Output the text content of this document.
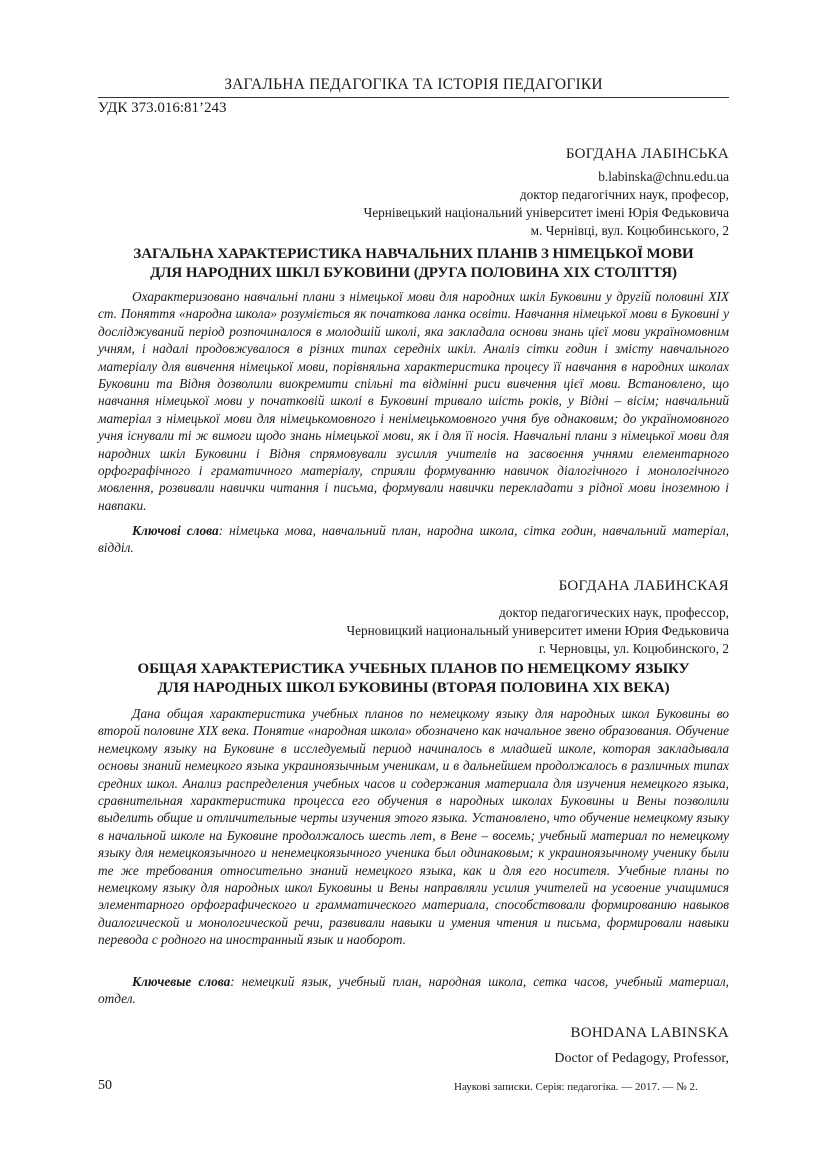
ЗАГАЛЬНА ПЕДАГОГІКА ТА ІСТОРІЯ ПЕДАГОГІКИ
УДК 373.016:81’243

БОГДАНА ЛАБІНСЬКА

b.labinska@chnu.edu.ua

доктор педагогічних наук, професор,

Чернівецький національний університет імені Юрія Федьковича

м. Чернівці, вул. Коцюбинського, 2

ЗАГАЛЬНА ХАРАКТЕРИСТИКА НАВЧАЛЬНИХ ПЛАНІВ З НІМЕЦЬКОЇ МОВИ

ДЛЯ НАРОДНИХ ШКІЛ БУКОВИНИ (ДРУГА ПОЛОВИНА ХІХ СТОЛІТТЯ)

Охарактеризовано навчальні плани з німецької мови для народних шкіл Буковини у другій половині ХІХ ст. Поняття «народна школа» розуміється як початкова ланка освіти. Навчання німецької мови в Буковині у досліджуваний період розпочиналося в молодшій школі, яка закладала основи знань цієї мови україномовним учням, і надалі продовжувалося в різних типах середніх шкіл. Аналіз сітки годин і змісту навчального матеріалу для вивчення німецької мови, порівняльна характеристика процесу її навчання в народних школах Буковини та Відня дозволили виокремити спільні та відмінні риси вивчення цієї мови. Встановлено, що навчання німецької мови у початковій школі в Буковині тривало шість років, у Відні – вісім; навчальний матеріал з німецької мови для німецькомовного і ненімецькомовного учня був однаковим; до україномовного учня існували ті ж вимоги щодо знань німецької мови, як і для її носія. Навчальні плани з німецької мови для народних шкіл Буковини і Відня спрямовували зусилля учителів на засвоєння учнями елементарного орфографічного і граматичного матеріалу, сприяли формуванню навичок діалогічного і монологічного мовлення, розвивали навички читання і письма, формували навички перекладати з рідної мови іноземною і навпаки.

Ключові слова: німецька мова, навчальний план, народна школа, сітка годин, навчальний матеріал, відділ.

БОГДАНА ЛАБИНСКАЯ

доктор педагогических наук, профессор,

Черновицкий национальный университет имени Юрия Федьковича

г. Черновцы, ул. Коцюбинского, 2

ОБЩАЯ ХАРАКТЕРИСТИКА УЧЕБНЫХ ПЛАНОВ ПО НЕМЕЦКОМУ ЯЗЫКУ

ДЛЯ НАРОДНЫХ ШКОЛ БУКОВИНЫ (ВТОРАЯ ПОЛОВИНА ХІХ ВЕКА)

Дана общая характеристика учебных планов по немецкому языку для народных школ Буковины во второй половине XIX века. Понятие «народная школа» обозначено как начальное звено образования. Обучение немецкому языку на Буковине в исследуемый период начиналось в младшей школе, которая закладывала основы знаний немецкого языка украиноязычным ученикам, и в дальнейшем продолжалось в различных типах средних школ. Анализ распределения учебных часов и содержания материала для изучения немецкого языка, сравнительная характеристика процесса его обучения в народных школах Буковины и Вены позволили выделить общие и отличительные черты изучения этого языка. Установлено, что обучение немецкому языку в начальной школе на Буковине продолжалось шесть лет, в Вене – восемь; учебный материал по немецкому языку для немецкоязычного и ненемецкоязычного ученика был одинаковым; к украиноязычному ученику были те же требования относительно знаний немецкого языка, как и для его носителя. Учебные планы по немецкому языку для народных школ Буковины и Вены направляли усилия учителей на усвоение учащимися элементарного орфографического и грамматического материала, способствовали формированию навыков диалогической и монологической речи, развивали навыки и умения чтения и письма, формировали навыки перевода с родного на иностранный язык и наоборот.

Ключевые слова: немецкий язык, учебный план, народная школа, сетка часов, учебный материал, отдел.

BOHDANA LABINSKA

Doctor of Pedagogy, Professor,

50	Наукові записки. Серія: педагогіка. — 2017. — № 2.
